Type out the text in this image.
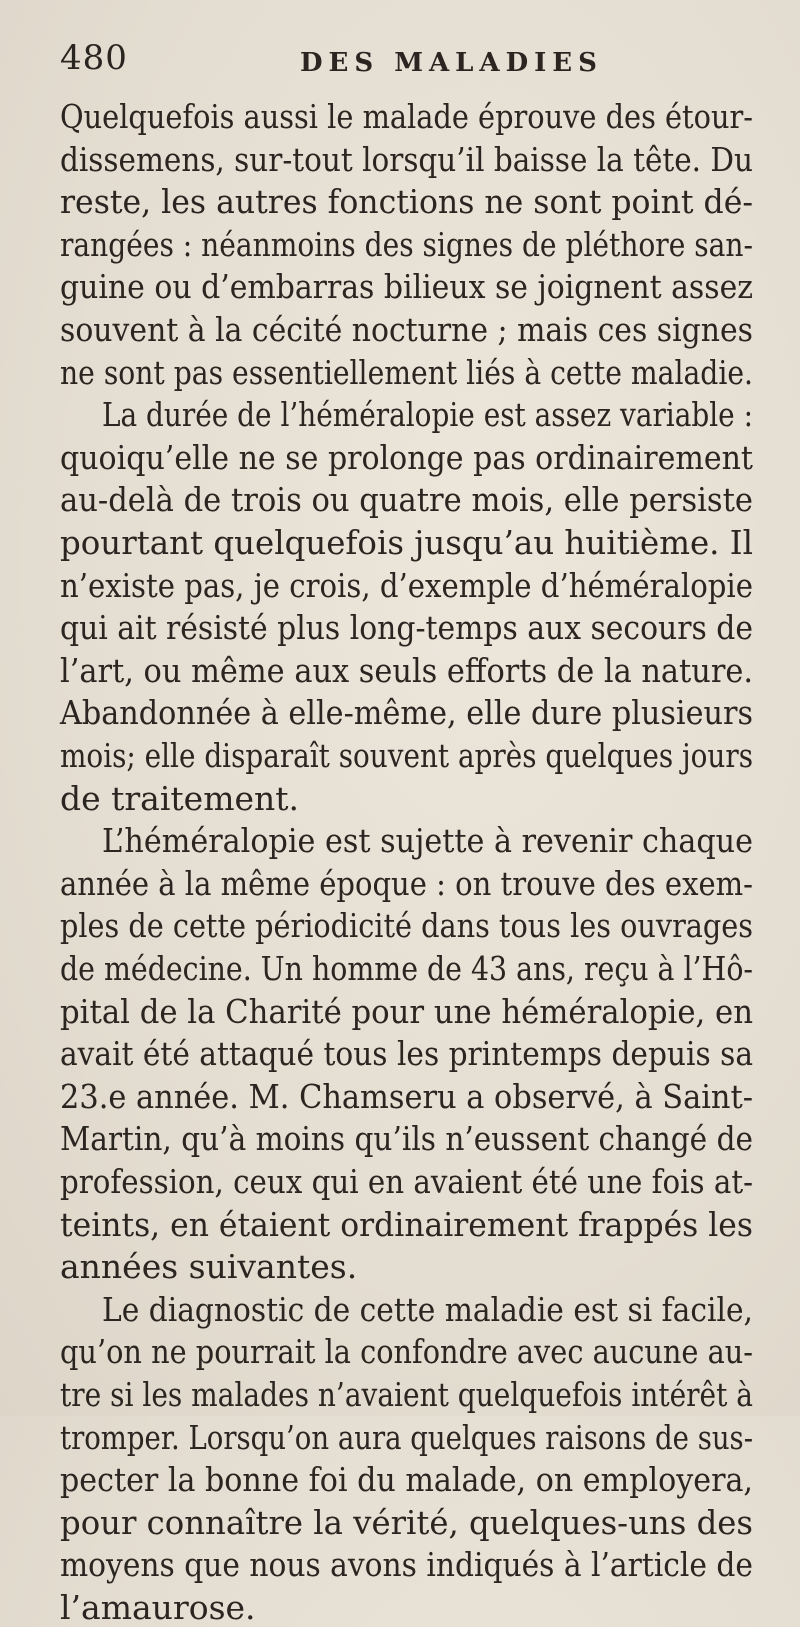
480	DES MALADIES
Quelquefois aussi le malade éprouve des étour-
dissemens, sur-tout lorsqu’il baisse la tête. Du
reste, les autres fonctions ne sont point dé-
rangées : néanmoins des signes de pléthore san-
guine ou d’embarras bilieux se joignent assez
souvent à la cécité nocturne ; mais ces signes
ne sont pas essentiellement liés à cette maladie.
La durée de l’héméralopie est assez variable :
quoiqu’elle ne se prolonge pas ordinairement
au-delà de trois ou quatre mois, elle persiste
pourtant quelquefois jusqu’au huitième. Il
n’existe pas, je crois, d’exemple d’héméralopie
qui ait résisté plus long-temps aux secours de
l’art, ou même aux seuls efforts de la nature.
Abandonnée à elle-même, elle dure plusieurs
mois; elle disparaît souvent après quelques jours
de traitement.
L’héméralopie est sujette à revenir chaque
année à la même époque : on trouve des exem-
ples de cette périodicité dans tous les ouvrages
de médecine. Un homme de 43 ans, reçu à l’Hô-
pital de la Charité pour une héméralopie, en
avait été attaqué tous les printemps depuis sa
23.e année. M. Chamseru a observé, à Saint-
Martin, qu’à moins qu’ils n’eussent changé de
profession, ceux qui en avaient été une fois at-
teints, en étaient ordinairement frappés les
années suivantes.
Le diagnostic de cette maladie est si facile,
qu’on ne pourrait la confondre avec aucune au-
tre si les malades n’avaient quelquefois intérêt à
tromper. Lorsqu’on aura quelques raisons de sus-
pecter la bonne foi du malade, on employera,
pour connaître la vérité, quelques-uns des
moyens que nous avons indiqués à l’article de
l’amaurose.
